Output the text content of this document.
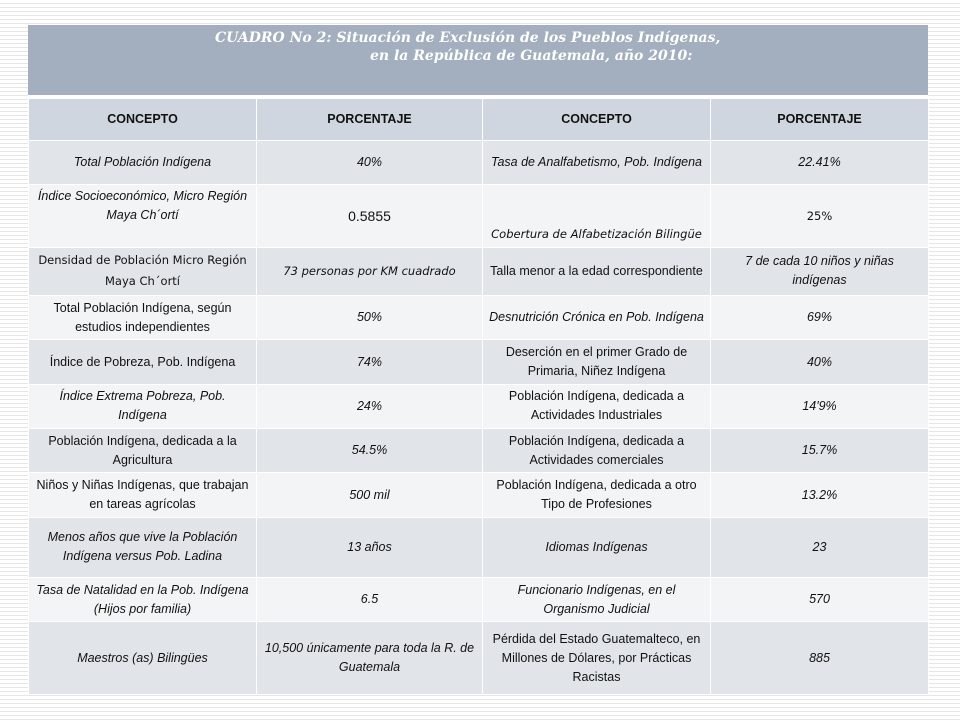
CUADRO No 2: Situación de Exclusión de los Pueblos Indígenas,
en la República de Guatemala, año 2010:
CONCEPTO	PORCENTAJE	CONCEPTO	PORCENTAJE
Total Población Indígena	40%	Tasa de Analfabetismo, Pob. Indígena	22.41%
Índice Socioeconómico, Micro Región Maya Ch´ortí	0.5855	Cobertura de Alfabetización Bilingüe	25%
Densidad de Población Micro Región Maya Ch´ortí	73 personas por KM cuadrado	Talla menor a la edad correspondiente	7 de cada 10 niños y niñas indígenas
Total Población Indígena, según estudios independientes	50%	Desnutrición Crónica en Pob. Indígena	69%
Índice de Pobreza, Pob. Indígena	74%	Deserción en el primer Grado de Primaria, Niñez Indígena	40%
Índice Extrema Pobreza, Pob. Indígena	24%	Población Indígena, dedicada a Actividades Industriales	14'9%
Población Indígena, dedicada a la Agricultura	54.5%	Población Indígena, dedicada a Actividades comerciales	15.7%
Niños y Niñas Indígenas, que trabajan en tareas agrícolas	500 mil	Población Indígena, dedicada a otro Tipo de Profesiones	13.2%
Menos años que vive la Población Indígena versus Pob. Ladina	13 años	Idiomas Indígenas	23
Tasa de Natalidad en la Pob. Indígena (Hijos por familia)	6.5	Funcionario Indígenas, en el Organismo Judicial	570
Maestros (as) Bilingües	10,500 únicamente para toda la R. de Guatemala	Pérdida del Estado Guatemalteco, en Millones de Dólares, por Prácticas Racistas	885
